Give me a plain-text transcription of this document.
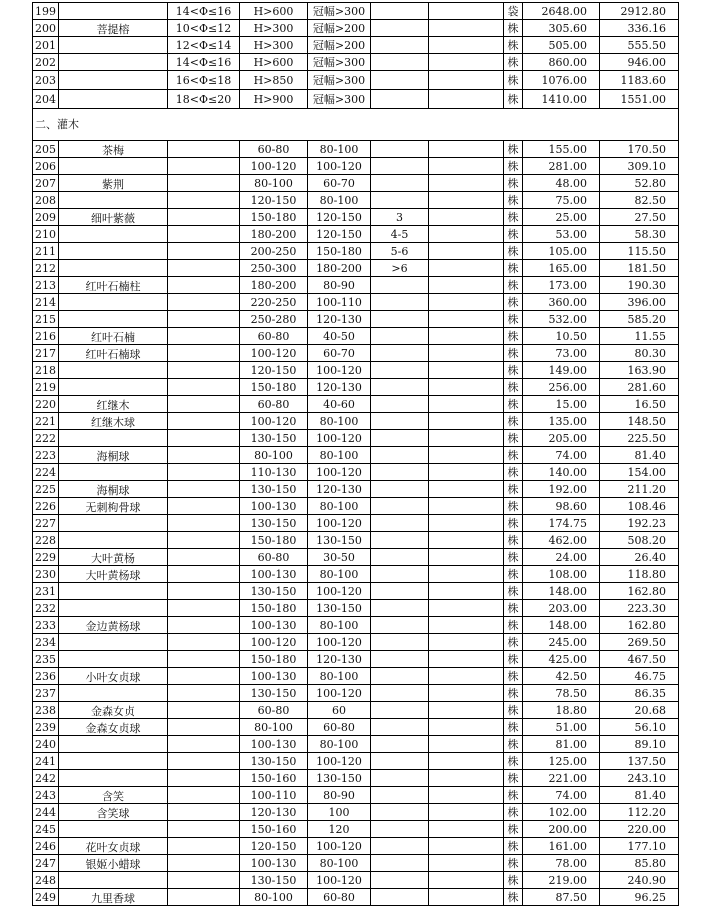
199		14<Φ≤16	H>600	冠幅>300			袋	2648.00	2912.80
200	菩提榕	10<Φ≤12	H>300	冠幅>200			株	305.60	336.16
201		12<Φ≤14	H>300	冠幅>200			株	505.00	555.50
202		14<Φ≤16	H>600	冠幅>300			株	860.00	946.00
203		16<Φ≤18	H>850	冠幅>300			株	1076.00	1183.60
204		18<Φ≤20	H>900	冠幅>300			株	1410.00	1551.00
二、灌木									
205	茶梅		60-80	80-100			株	155.00	170.50
206			100-120	100-120			株	281.00	309.10
207	紫荆		80-100	60-70			株	48.00	52.80
208			120-150	80-100			株	75.00	82.50
209	细叶紫薇		150-180	120-150	3		株	25.00	27.50
210			180-200	120-150	4-5		株	53.00	58.30
211			200-250	150-180	5-6		株	105.00	115.50
212			250-300	180-200	>6		株	165.00	181.50
213	红叶石楠柱		180-200	80-90			株	173.00	190.30
214			220-250	100-110			株	360.00	396.00
215			250-280	120-130			株	532.00	585.20
216	红叶石楠		60-80	40-50			株	10.50	11.55
217	红叶石楠球		100-120	60-70			株	73.00	80.30
218			120-150	100-120			株	149.00	163.90
219			150-180	120-130			株	256.00	281.60
220	红继木		60-80	40-60			株	15.00	16.50
221	红继木球		100-120	80-100			株	135.00	148.50
222			130-150	100-120			株	205.00	225.50
223	海桐球		80-100	80-100			株	74.00	81.40
224			110-130	100-120			株	140.00	154.00
225	海桐球		130-150	120-130			株	192.00	211.20
226	无刺枸骨球		100-130	80-100			株	98.60	108.46
227			130-150	100-120			株	174.75	192.23
228			150-180	130-150			株	462.00	508.20
229	大叶黄杨		60-80	30-50			株	24.00	26.40
230	大叶黄杨球		100-130	80-100			株	108.00	118.80
231			130-150	100-120			株	148.00	162.80
232			150-180	130-150			株	203.00	223.30
233	金边黄杨球		100-130	80-100			株	148.00	162.80
234			100-120	100-120			株	245.00	269.50
235			150-180	120-130			株	425.00	467.50
236	小叶女贞球		100-130	80-100			株	42.50	46.75
237			130-150	100-120			株	78.50	86.35
238	金森女贞		60-80	60			株	18.80	20.68
239	金森女贞球		80-100	60-80			株	51.00	56.10
240			100-130	80-100			株	81.00	89.10
241			130-150	100-120			株	125.00	137.50
242			150-160	130-150			株	221.00	243.10
243	含笑		100-110	80-90			株	74.00	81.40
244	含笑球		120-130	100			株	102.00	112.20
245			150-160	120			株	200.00	220.00
246	花叶女贞球		120-150	100-120			株	161.00	177.10
247	银姬小蜡球		100-130	80-100			株	78.00	85.80
248			130-150	100-120			株	219.00	240.90
249	九里香球		80-100	60-80			株	87.50	96.25
